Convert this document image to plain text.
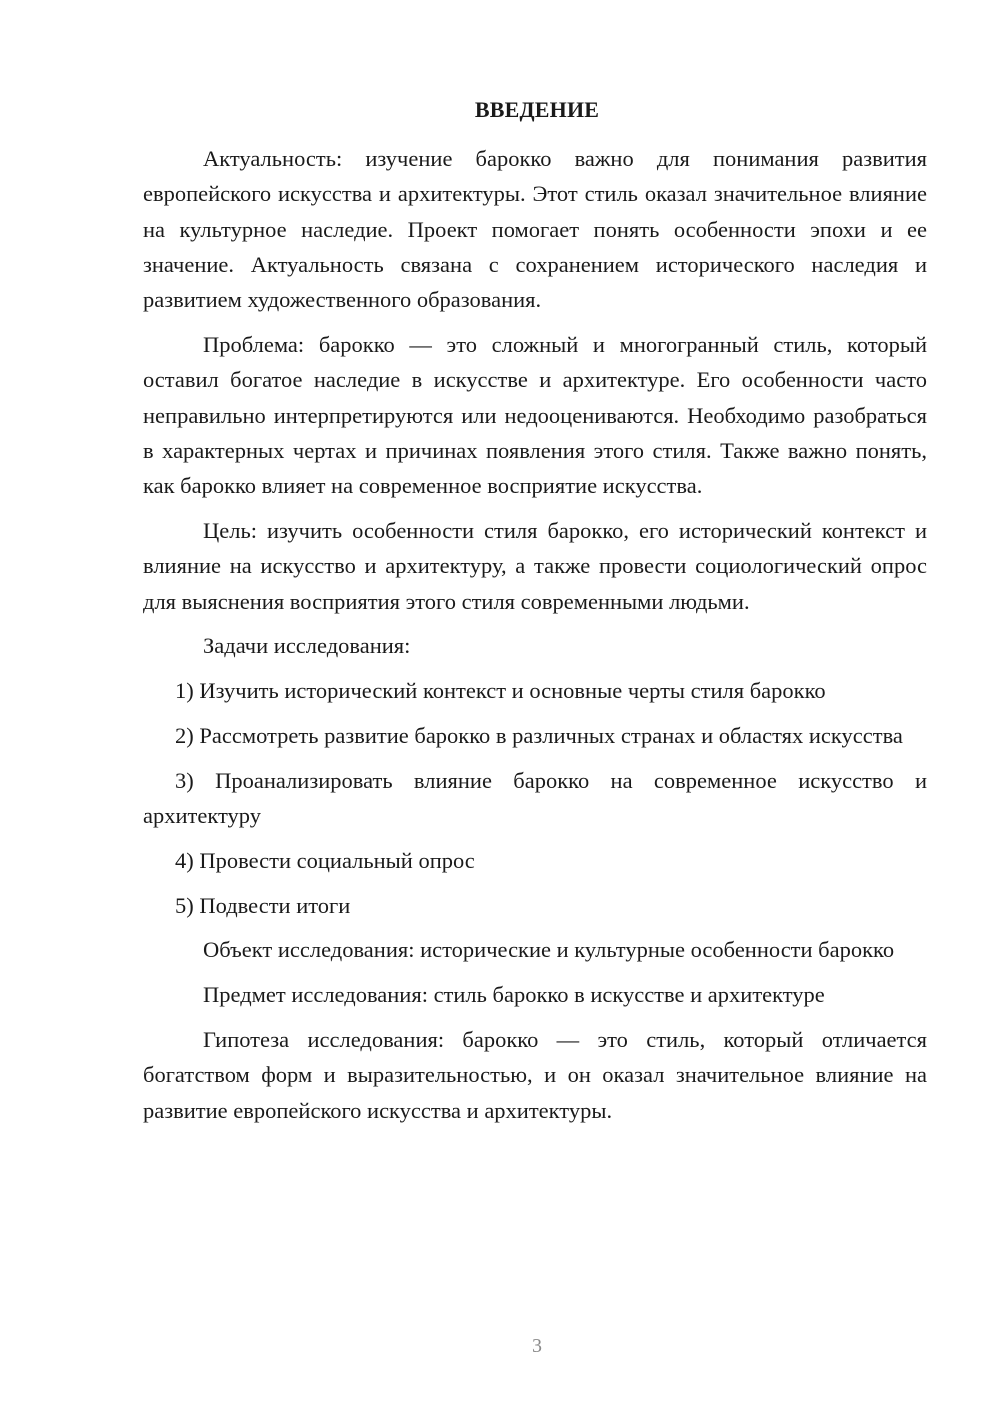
ВВЕДЕНИЕ

Актуальность: изучение барокко важно для понимания развития европейского искусства и архитектуры. Этот стиль оказал значительное влияние на культурное наследие. Проект помогает понять особенности эпохи и ее значение. Актуальность связана с сохранением исторического наследия и развитием художественного образования.

Проблема: барокко — это сложный и многогранный стиль, который оставил богатое наследие в искусстве и архитектуре. Его особенности часто неправильно интерпретируются или недооцениваются. Необходимо разобраться в характерных чертах и причинах появления этого стиля. Также важно понять, как барокко влияет на современное восприятие искусства.

Цель: изучить особенности стиля барокко, его исторический контекст и влияние на искусство и архитектуру, а также провести социологический опрос для выяснения восприятия этого стиля современными людьми.

Задачи исследования:

1) Изучить исторический контекст и основные черты стиля барокко

2) Рассмотреть развитие барокко в различных странах и областях искусства

3) Проанализировать влияние барокко на современное искусство и архитектуру

4) Провести социальный опрос

5) Подвести итоги

Объект исследования: исторические и культурные особенности барокко

Предмет исследования: стиль барокко в искусстве и архитектуре

Гипотеза исследования: барокко — это стиль, который отличается богатством форм и выразительностью, и он оказал значительное влияние на развитие европейского искусства и архитектуры.

3
